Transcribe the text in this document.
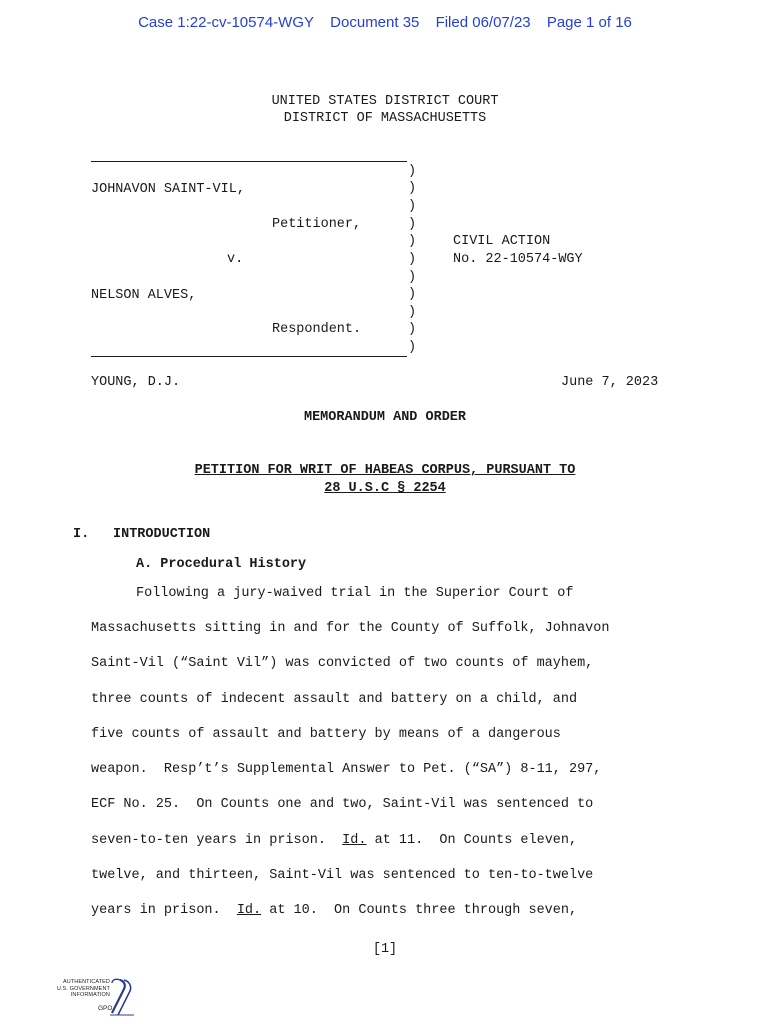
Case 1:22-cv-10574-WGY Document 35 Filed 06/07/23 Page 1 of 16
UNITED STATES DISTRICT COURT
DISTRICT OF MASSACHUSETTS
JOHNAVON SAINT-VIL,
Petitioner,
v.
NELSON ALVES,
Respondent.
CIVIL ACTION
No. 22-10574-WGY
)
)
)
)
)
)
)
)
)
)
)
YOUNG, D.J.	June 7, 2023
MEMORANDUM AND ORDER
PETITION FOR WRIT OF HABEAS CORPUS, PURSUANT TO
28 U.S.C § 2254
I. INTRODUCTION
A. Procedural History
Following a jury-waived trial in the Superior Court of
Massachusetts sitting in and for the County of Suffolk, Johnavon
Saint-Vil (“Saint Vil”) was convicted of two counts of mayhem,
three counts of indecent assault and battery on a child, and
five counts of assault and battery by means of a dangerous
weapon.  Resp’t’s Supplemental Answer to Pet. (“SA”) 8-11, 297,
ECF No. 25.  On Counts one and two, Saint-Vil was sentenced to
seven-to-ten years in prison.  Id. at 11.  On Counts eleven,
twelve, and thirteen, Saint-Vil was sentenced to ten-to-twelve
years in prison.  Id. at 10.  On Counts three through seven,
[1]
AUTHENTICATED
U.S. GOVERNMENT
INFORMATION
GPO
